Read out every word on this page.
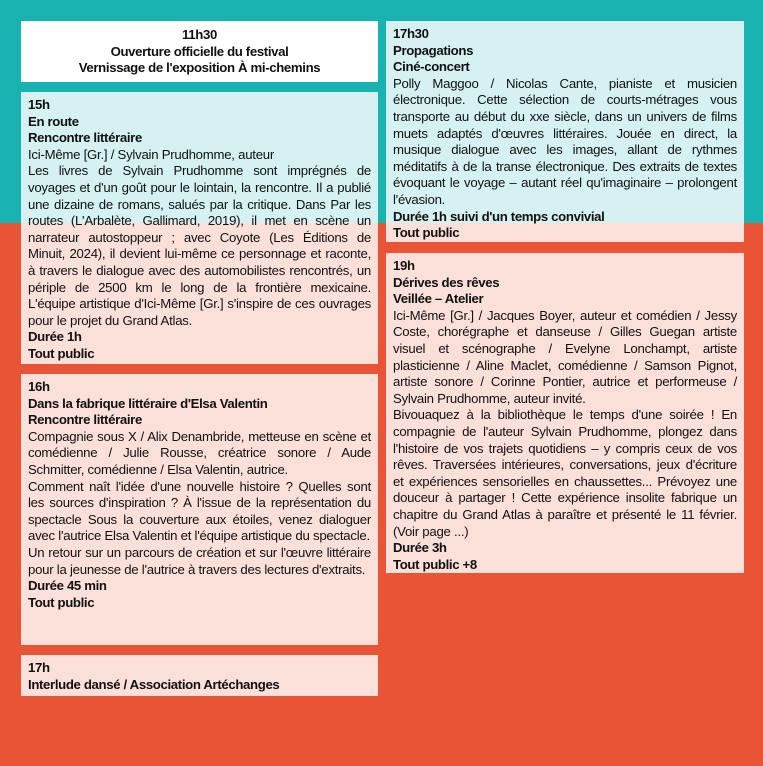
11h30
Ouverture officielle du festival
Vernissage de l'exposition À mi-chemins
15h
En route
Rencontre littéraire
Ici-Même [Gr.] / Sylvain Prudhomme, auteur
Les livres de Sylvain Prudhomme sont imprégnés de voyages et d'un goût pour le lointain, la rencontre. Il a publié une dizaine de romans, salués par la critique. Dans Par les routes (L'Arbalète, Gallimard, 2019), il met en scène un narrateur autostoppeur ; avec Coyote (Les Éditions de Minuit, 2024), il devient lui-même ce personnage et raconte, à travers le dialogue avec des automobilistes rencontrés, un périple de 2500 km le long de la frontière mexicaine. L'équipe artistique d'Ici-Même [Gr.] s'inspire de ces ouvrages pour le projet du Grand Atlas.
Durée 1h
Tout public
16h
Dans la fabrique littéraire d'Elsa Valentin
Rencontre littéraire
Compagnie sous X / Alix Denambride, metteuse en scène et comédienne / Julie Rousse, créatrice sonore / Aude Schmitter, comédienne / Elsa Valentin, autrice.
Comment naît l'idée d'une nouvelle histoire ? Quelles sont les sources d'inspiration ? À l'issue de la représentation du spectacle Sous la couverture aux étoiles, venez dialoguer avec l'autrice Elsa Valentin et l'équipe artistique du spectacle.
Un retour sur un parcours de création et sur l'œuvre littéraire pour la jeunesse de l'autrice à travers des lectures d'extraits.
Durée 45 min
Tout public
17h
Interlude dansé / Association Artéchanges
17h30
Propagations
Ciné-concert
Polly Maggoo / Nicolas Cante, pianiste et musicien électronique. Cette sélection de courts-métrages vous transporte au début du xxe siècle, dans un univers de films muets adaptés d'œuvres littéraires. Jouée en direct, la musique dialogue avec les images, allant de rythmes méditatifs à de la transe électronique. Des extraits de textes évoquant le voyage – autant réel qu'imaginaire – prolongent l'évasion.
Durée 1h suivi d'un temps convivial
Tout public
19h
Dérives des rêves
Veillée – Atelier
Ici-Même [Gr.] / Jacques Boyer, auteur et comédien / Jessy Coste, chorégraphe et danseuse / Gilles Guegan artiste visuel et scénographe / Evelyne Lonchampt, artiste plasticienne / Aline Maclet, comédienne / Samson Pignot, artiste sonore / Corinne Pontier, autrice et performeuse / Sylvain Prudhomme, auteur invité.
Bivouaquez à la bibliothèque le temps d'une soirée ! En compagnie de l'auteur Sylvain Prudhomme, plongez dans l'histoire de vos trajets quotidiens – y compris ceux de vos rêves. Traversées intérieures, conversations, jeux d'écriture et expériences sensorielles en chaussettes... Prévoyez une douceur à partager ! Cette expérience insolite fabrique un chapitre du Grand Atlas à paraître et présenté le 11 février. (Voir page ...)
Durée 3h
Tout public +8
